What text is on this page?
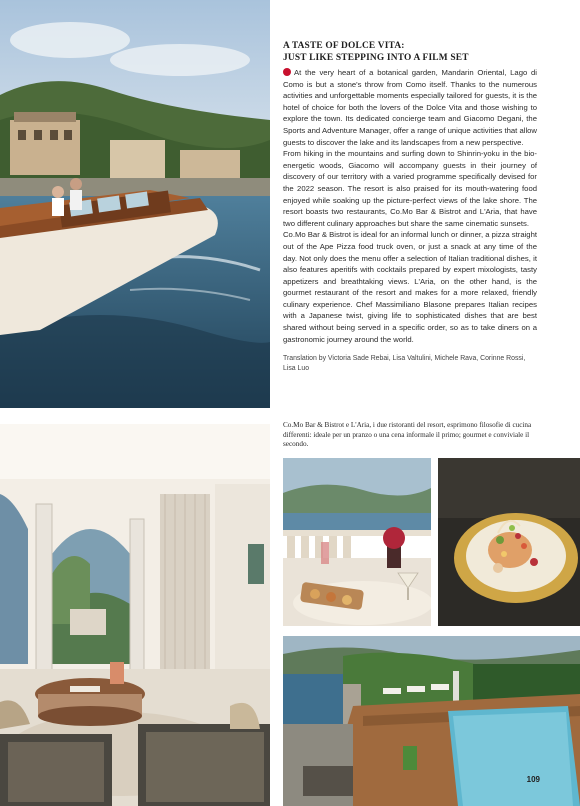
A TASTE OF DOLCE VITA:
JUST LIKE STEPPING INTO A FILM SET

At the very heart of a botanical garden, Mandarin Oriental, Lago di Como is but a stone's throw from Como itself. Thanks to the numerous activities and unforgettable moments especially tailored for guests, it is the hotel of choice for both the lovers of the Dolce Vita and those wishing to explore the town. Its dedicated concierge team and Giacomo Degani, the Sports and Adventure Manager, offer a range of unique activities that allow guests to discover the lake and its landscapes from a new perspective.

From hiking in the mountains and surfing down to Shinrin-yoku in the bio-energetic woods, Giacomo will accompany guests in their journey of discovery of our territory with a varied programme specifically devised for the 2022 season. The resort is also praised for its mouth-watering food enjoyed while soaking up the picture-perfect views of the lake shore. The resort boasts two restaurants, Co.Mo Bar & Bistrot and L'Aria, that have two different culinary approaches but share the same cinematic sunsets.

Co.Mo Bar & Bistrot is ideal for an informal lunch or dinner, a pizza straight out of the Ape Pizza food truck oven, or just a snack at any time of the day. Not only does the menu offer a selection of Italian traditional dishes, it also features aperitifs with cocktails prepared by expert mixologists, tasty appetizers and breathtaking views. L'Aria, on the other hand, is the gourmet restaurant of the resort and makes for a more relaxed, friendly culinary experience. Chef Massimiliano Blasone prepares Italian recipes with a Japanese twist, giving life to sophisticated dishes that are best shared without being served in a specific order, so as to take diners on a gastronomic journey around the world.

Translation by Victoria Sade Rebai, Lisa Valtulini, Michele Rava, Corinne Rossi, Lisa Luo
Co.Mo Bar & Bistrot e L'Aria, i due ristoranti del resort, esprimono filosofie di cucina differenti: ideale per un pranzo o una cena informale il primo; gourmet e conviviale il secondo.
109
